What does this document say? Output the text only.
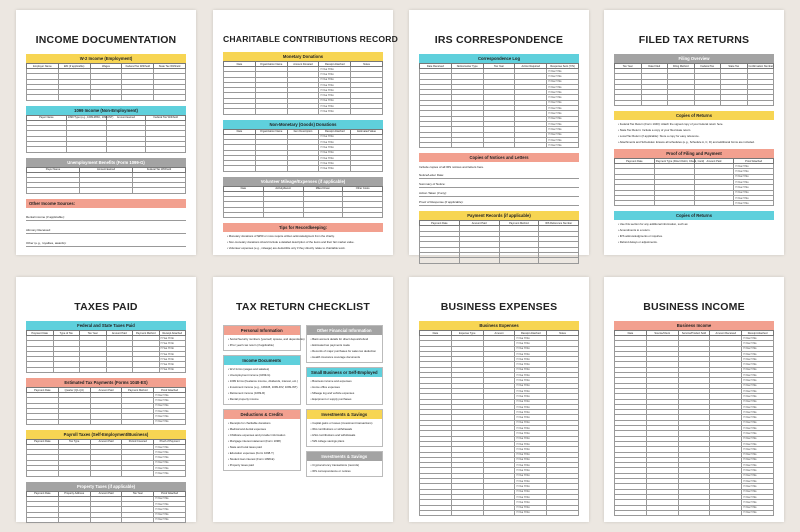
INCOME DOCUMENTATION
W-2 Income (Employment)
Employer Name	EIN (if applicable)	Wages	Federal Tax Withheld	State Tax Withheld

1099 Income (Non-Employment)
Payer Name	1099 Type (e.g., 1099-MISC, 1099-INT)	Amount Earned	Federal Tax Withheld

Unemployment Benefits (Form 1099-G)
Payer Name	Amount Earned	Federal Tax Withheld

Other Income Sources:
Rental income (if applicable):
Alimony Received:
Other (e.g., royalties, awards):
CHARITABLE CONTRIBUTIONS RECORD
Monetary Donations
Date	Organization Name	Amount Donated	Receipt Attached	Notes
			☐ Yes ☐ No	
			☐ Yes ☐ No	
			☐ Yes ☐ No	
			☐ Yes ☐ No	
			☐ Yes ☐ No	
			☐ Yes ☐ No	
			☐ Yes ☐ No	
			☐ Yes ☐ No	
			☐ Yes ☐ No	
Non-Monetary (Goods) Donations
Date	Organization Name	Item Description	Receipt Attached	Estimated Value
			☐ Yes ☐ No	
			☐ Yes ☐ No	
			☐ Yes ☐ No	
			☐ Yes ☐ No	
			☐ Yes ☐ No	
			☐ Yes ☐ No	
			☐ Yes ☐ No	
Volunteer Mileage/Expenses (if applicable)
Date	Activity/Event	Miles Driven	Other Costs

Tips for Recordkeeping:
• Monetary donations of $250 or more require written acknowledgment from the charity.
• Non-monetary donations should include a detailed description of the items and their fair market value.
• Volunteer expenses (e.g., mileage) are deductible only if they directly relate to charitable work.
IRS CORRESPONDENCE
Correspondence Log
Date Received	Notice/Letter Type	Tax Year	Action Required	Response Sent (Y/N)
				☐ Yes ☐ No
				☐ Yes ☐ No
				☐ Yes ☐ No
				☐ Yes ☐ No
				☐ Yes ☐ No
				☐ Yes ☐ No
				☐ Yes ☐ No
				☐ Yes ☐ No
				☐ Yes ☐ No
				☐ Yes ☐ No
				☐ Yes ☐ No
				☐ Yes ☐ No
				☐ Yes ☐ No
				☐ Yes ☐ No
				☐ Yes ☐ No
Copies of Notices and Letters
Include copies of all IRS notices and letters here.
Notice/Letter Date:
Summary of Notice:
Action Taken (if any):
Proof of Response (if applicable):
Payment Records (if applicable)
Payment Date	Amount Paid	Payment Method	IRS Reference Number

FILED TAX RETURNS
Filing Overview
Tax Year	Date Filed	Filing Method	Federal Tax	State Tax	Confirmation Number

Copies of Returns
• Federal Tax Return (Form 1040): Attach the signed copy of your federal return here.
• State Tax Return: Include a copy of your filed state return.
• Local Tax Return (if applicable): Store a copy for easy reference.
• Attachments and Schedules: Ensure all schedules (e.g., Schedule A, C, D) and additional forms are included.
Proof of Filing and Payment
Payment Date	Payment Type (Direct Debit, Check, Card)	Amount Paid	Proof Attached
			☐ Yes ☐ No
			☐ Yes ☐ No
			☐ Yes ☐ No
			☐ Yes ☐ No
			☐ Yes ☐ No
			☐ Yes ☐ No
			☐ Yes ☐ No
			☐ Yes ☐ No
Copies of Returns
• Use this section for any additional information, such as:
• Amendments to a return.
• IRS acknowledgments or inquiries.
• Refund delays or adjustments.
TAXES PAID
Federal and State Taxes Paid
Payment Date	Type of Tax	Tax Year	Amount Paid	Payment Method	Receipt Attached
					☐ Yes ☐ No
					☐ Yes ☐ No
					☐ Yes ☐ No
					☐ Yes ☐ No
					☐ Yes ☐ No
					☐ Yes ☐ No
					☐ Yes ☐ No
Estimated Tax Payments (Forms 1040-ES)
Payment Date	Quarter (Q1-Q4)	Amount Paid	Payment Method	Proof Attached
				☐ Yes ☐ No
				☐ Yes ☐ No
				☐ Yes ☐ No
				☐ Yes ☐ No
				☐ Yes ☐ No
				☐ Yes ☐ No
Payroll Taxes (Self-Employment/Business)
Payment Date	Tax Type	Amount Paid	Period Covered	Proof of Payment
				☐ Yes ☐ No
				☐ Yes ☐ No
				☐ Yes ☐ No
				☐ Yes ☐ No
				☐ Yes ☐ No
				☐ Yes ☐ No
Property Taxes (if applicable)
Payment Date	Property Address	Amount Paid	Tax Year	Proof Attached
				☐ Yes ☐ No
				☐ Yes ☐ No
				☐ Yes ☐ No
				☐ Yes ☐ No
				☐ Yes ☐ No
TAX RETURN CHECKLIST
Personal Information
• Social Security numbers (yourself, spouse, and dependents)
• Prior year's tax return (if applicable)
Income Documents
• W-2 forms (wages and salaries)
• Unemployment income (1099-G)
• 1099 forms (freelance income, dividends, interest, etc.)
• Investment income (e.g., 1099-B, 1099-DIV, 1099-INT)
• Retirement income (1099-R)
• Rental property income
Deductions & Credits
• Receipts for charitable donations
• Medical and dental expenses
• Childcare expenses and provider information
• Mortgage interest statement (Form 1098)
• State and local taxes paid
• Education expenses (Form 1098-T)
• Student loan interest (Form 1098-E)
• Property taxes paid
Other Financial Information
• Bank account details for direct deposit/refund
• Estimated tax payments made
• Records of major purchases for sales tax deduction
• Health insurance coverage documents
Small Business or Self-Employed
• Business income and expenses
• Home office expenses
• Mileage log and vehicle expenses
• Equipment or supply purchases
Investments & Savings
• Capital gains or losses (investment transactions)
• IRA contributions or withdrawals
• HSA contributions and withdrawals
• 529 college savings plans
Investments & Savings
• Cryptocurrency transactions (records)
• IRS correspondence or notices
BUSINESS EXPENSES
Business Expenses
Date	Expense Type	Amount	Receipt Attached	Notes
			☐ Yes ☐ No	
			☐ Yes ☐ No	
			☐ Yes ☐ No	
			☐ Yes ☐ No	
			☐ Yes ☐ No	
			☐ Yes ☐ No	
			☐ Yes ☐ No	
			☐ Yes ☐ No	
			☐ Yes ☐ No	
			☐ Yes ☐ No	
			☐ Yes ☐ No	
			☐ Yes ☐ No	
			☐ Yes ☐ No	
			☐ Yes ☐ No	
			☐ Yes ☐ No	
			☐ Yes ☐ No	
			☐ Yes ☐ No	
			☐ Yes ☐ No	
			☐ Yes ☐ No	
			☐ Yes ☐ No	
			☐ Yes ☐ No	
			☐ Yes ☐ No	
			☐ Yes ☐ No	
			☐ Yes ☐ No	
			☐ Yes ☐ No	
			☐ Yes ☐ No	
			☐ Yes ☐ No	
			☐ Yes ☐ No	
			☐ Yes ☐ No	
			☐ Yes ☐ No	
			☐ Yes ☐ No	
			☐ Yes ☐ No	
			☐ Yes ☐ No	
			☐ Yes ☐ No	
BUSINESS INCOME
Business Income
Date	Source/Client	Service/Product Sold	Amount Received	Receipt Attached
				☐ Yes ☐ No
				☐ Yes ☐ No
				☐ Yes ☐ No
				☐ Yes ☐ No
				☐ Yes ☐ No
				☐ Yes ☐ No
				☐ Yes ☐ No
				☐ Yes ☐ No
				☐ Yes ☐ No
				☐ Yes ☐ No
				☐ Yes ☐ No
				☐ Yes ☐ No
				☐ Yes ☐ No
				☐ Yes ☐ No
				☐ Yes ☐ No
				☐ Yes ☐ No
				☐ Yes ☐ No
				☐ Yes ☐ No
				☐ Yes ☐ No
				☐ Yes ☐ No
				☐ Yes ☐ No
				☐ Yes ☐ No
				☐ Yes ☐ No
				☐ Yes ☐ No
				☐ Yes ☐ No
				☐ Yes ☐ No
				☐ Yes ☐ No
				☐ Yes ☐ No
				☐ Yes ☐ No
				☐ Yes ☐ No
				☐ Yes ☐ No
				☐ Yes ☐ No
				☐ Yes ☐ No
				☐ Yes ☐ No
